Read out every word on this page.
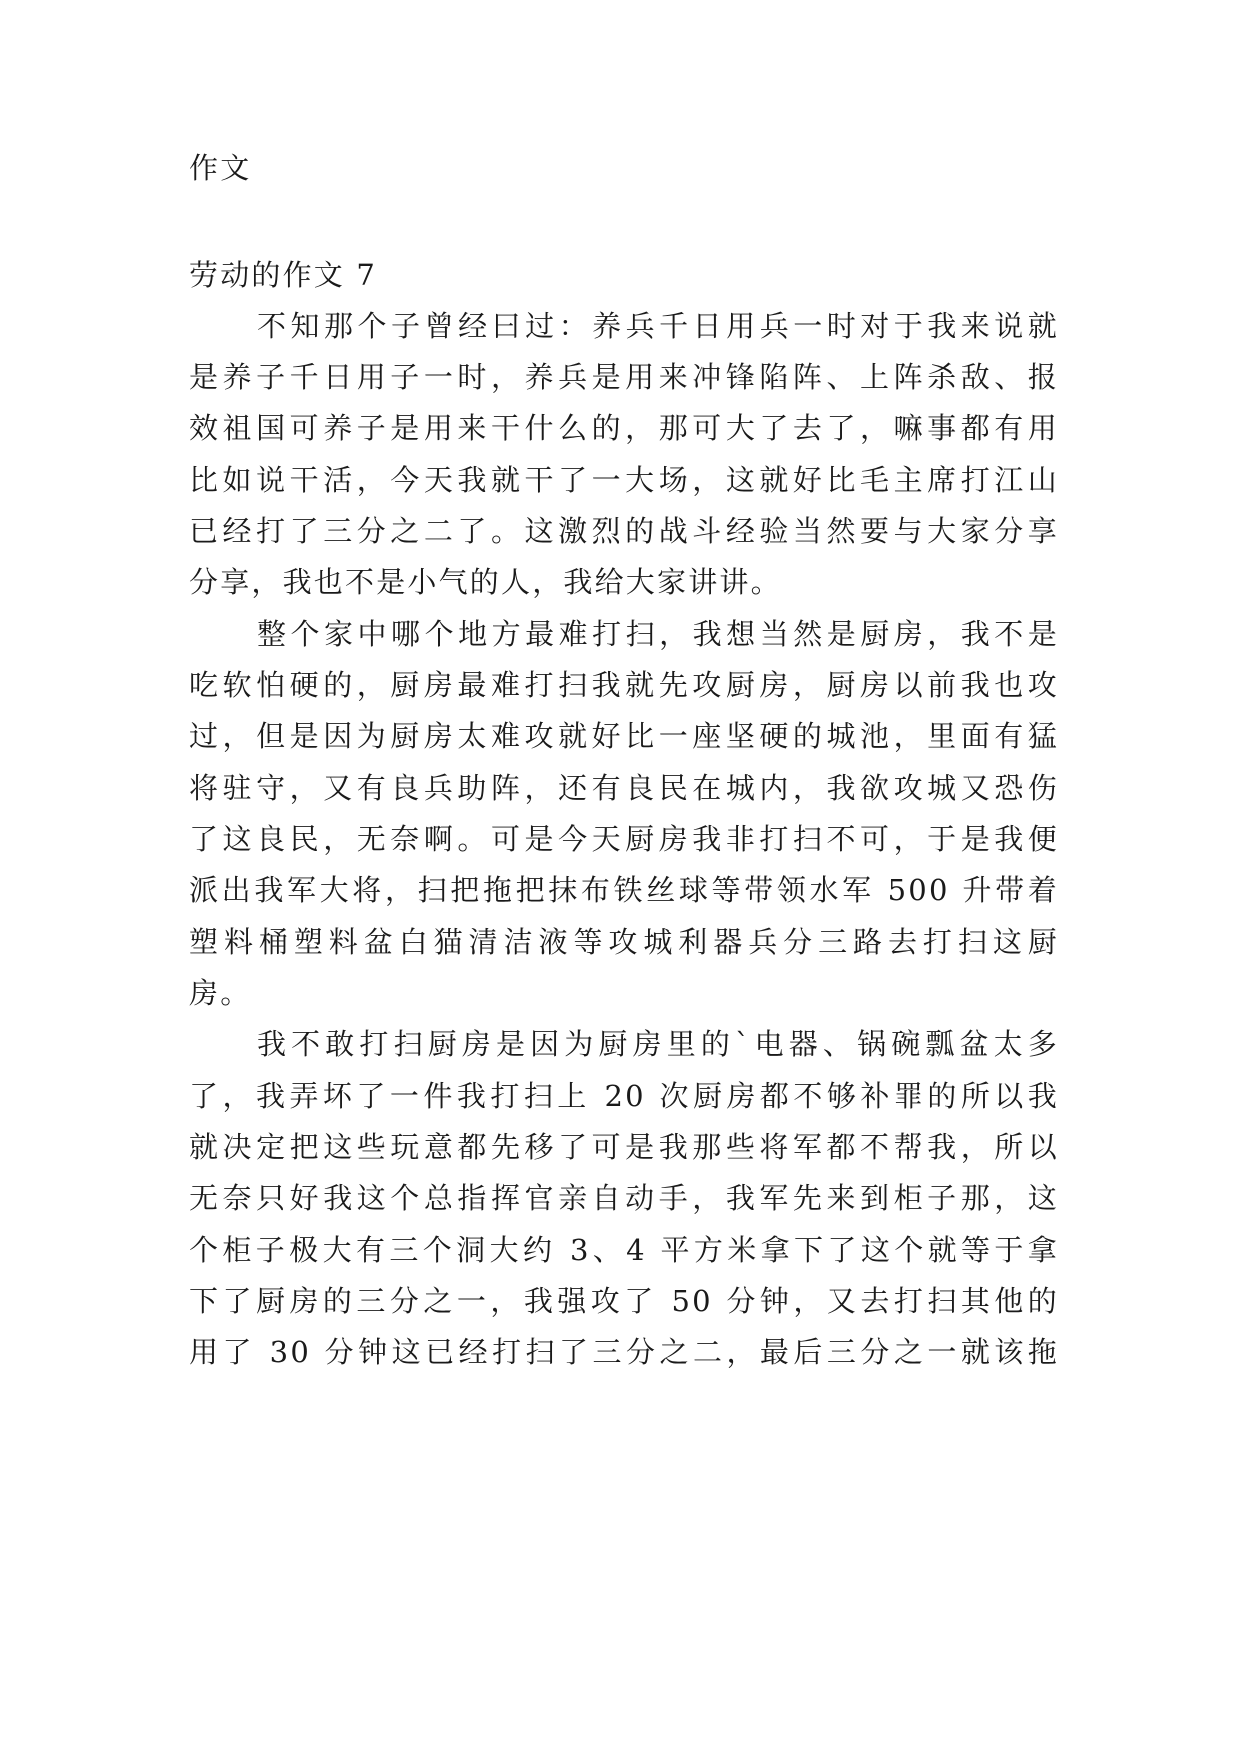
作文
劳动的作文 7
不知那个子曾经曰过：养兵千日用兵一时对于我来说就
是养子千日用子一时，养兵是用来冲锋陷阵、上阵杀敌、报
效祖国可养子是用来干什么的，那可大了去了，嘛事都有用
比如说干活，今天我就干了一大场，这就好比毛主席打江山
已经打了三分之二了。这激烈的战斗经验当然要与大家分享
分享，我也不是小气的人，我给大家讲讲。
整个家中哪个地方最难打扫，我想当然是厨房，我不是
吃软怕硬的，厨房最难打扫我就先攻厨房，厨房以前我也攻
过，但是因为厨房太难攻就好比一座坚硬的城池，里面有猛
将驻守，又有良兵助阵，还有良民在城内，我欲攻城又恐伤
了这良民，无奈啊。可是今天厨房我非打扫不可，于是我便
派出我军大将，扫把拖把抹布铁丝球等带领水军 500 升带着
塑料桶塑料盆白猫清洁液等攻城利器兵分三路去打扫这厨
房。
我不敢打扫厨房是因为厨房里的`电器、锅碗瓢盆太多
了，我弄坏了一件我打扫上 20 次厨房都不够补罪的所以我
就决定把这些玩意都先移了可是我那些将军都不帮我，所以
无奈只好我这个总指挥官亲自动手，我军先来到柜子那，这
个柜子极大有三个洞大约 3、4 平方米拿下了这个就等于拿
下了厨房的三分之一，我强攻了 50 分钟，又去打扫其他的
用了 30 分钟这已经打扫了三分之二，最后三分之一就该拖
